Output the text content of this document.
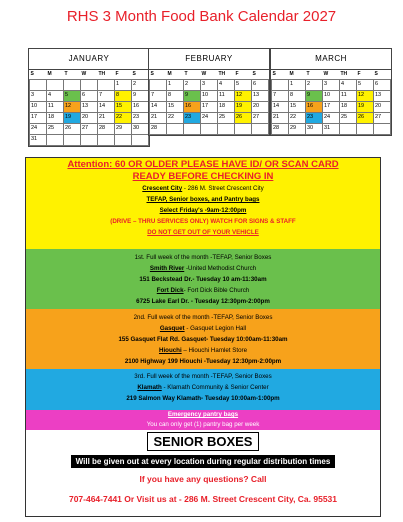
RHS 3 Month Food Bank Calendar 2027
JANUARY
S	M	T	W	TH	F	S
					1	2
3	4	5	6	7	8	9
10	11	12	13	14	15	16
17	18	19	20	21	22	23
24	25	26	27	28	29	30
31						
FEBRUARY
S	M	T	W	TH	F	S
	1	2	3	4	5	6
7	8	9	10	11	12	13
14	15	16	17	18	19	20
21	22	23	24	25	26	27
28						
MARCH
S	M	T	W	TH	F	S
	1	2	3	4	5	6
7	8	9	10	11	12	13
14	15	16	17	18	19	20
21	22	23	24	25	26	27
28	29	30	31			

Attention: 60 OR OLDER PLEASE HAVE ID/ OR SCAN CARD

READY BEFORE CHECKING IN

Crescent City - 286 M. Street Crescent City

TEFAP, Senior boxes, and Pantry bags

Select Friday's -9am-12:00pm

(DRIVE – THRU SERVICES ONLY) WATCH FOR SIGNS & STAFF

DO NOT GET OUT OF YOUR VEHICLE

1st. Full week of the month -TEFAP, Senior Boxes

Smith River -United Methodist Church

151 Beckstead Dr.- Tuesday 10 am-11:30am

Fort Dick- Fort Dick Bible Church

6725 Lake Earl Dr. - Tuesday 12:30pm-2:00pm

2nd. Full week of the month -TEFAP, Senior Boxes

Gasquet - Gasquet Legion Hall

155 Gasquet Flat Rd. Gasquet- Tuesday 10:00am-11:30am

Hiouchi – Hiouchi Hamlet Store

2100 Highway 199 Hiouchi -Tuesday 12:30pm-2:00pm

3rd. Full week of the month -TEFAP, Senior Boxes

Klamath - Klamath Community & Senior Center

219 Salmon Way Klamath- Tuesday 10:00am-1:00pm

Emergency pantry bags

You can only get (1) pantry bag per week

SENIOR BOXES
Will be given out at every location during regular distribution times

If you have any questions? Call

707-464-7441 Or Visit us at - 286 M. Street Crescent City, Ca. 95531
